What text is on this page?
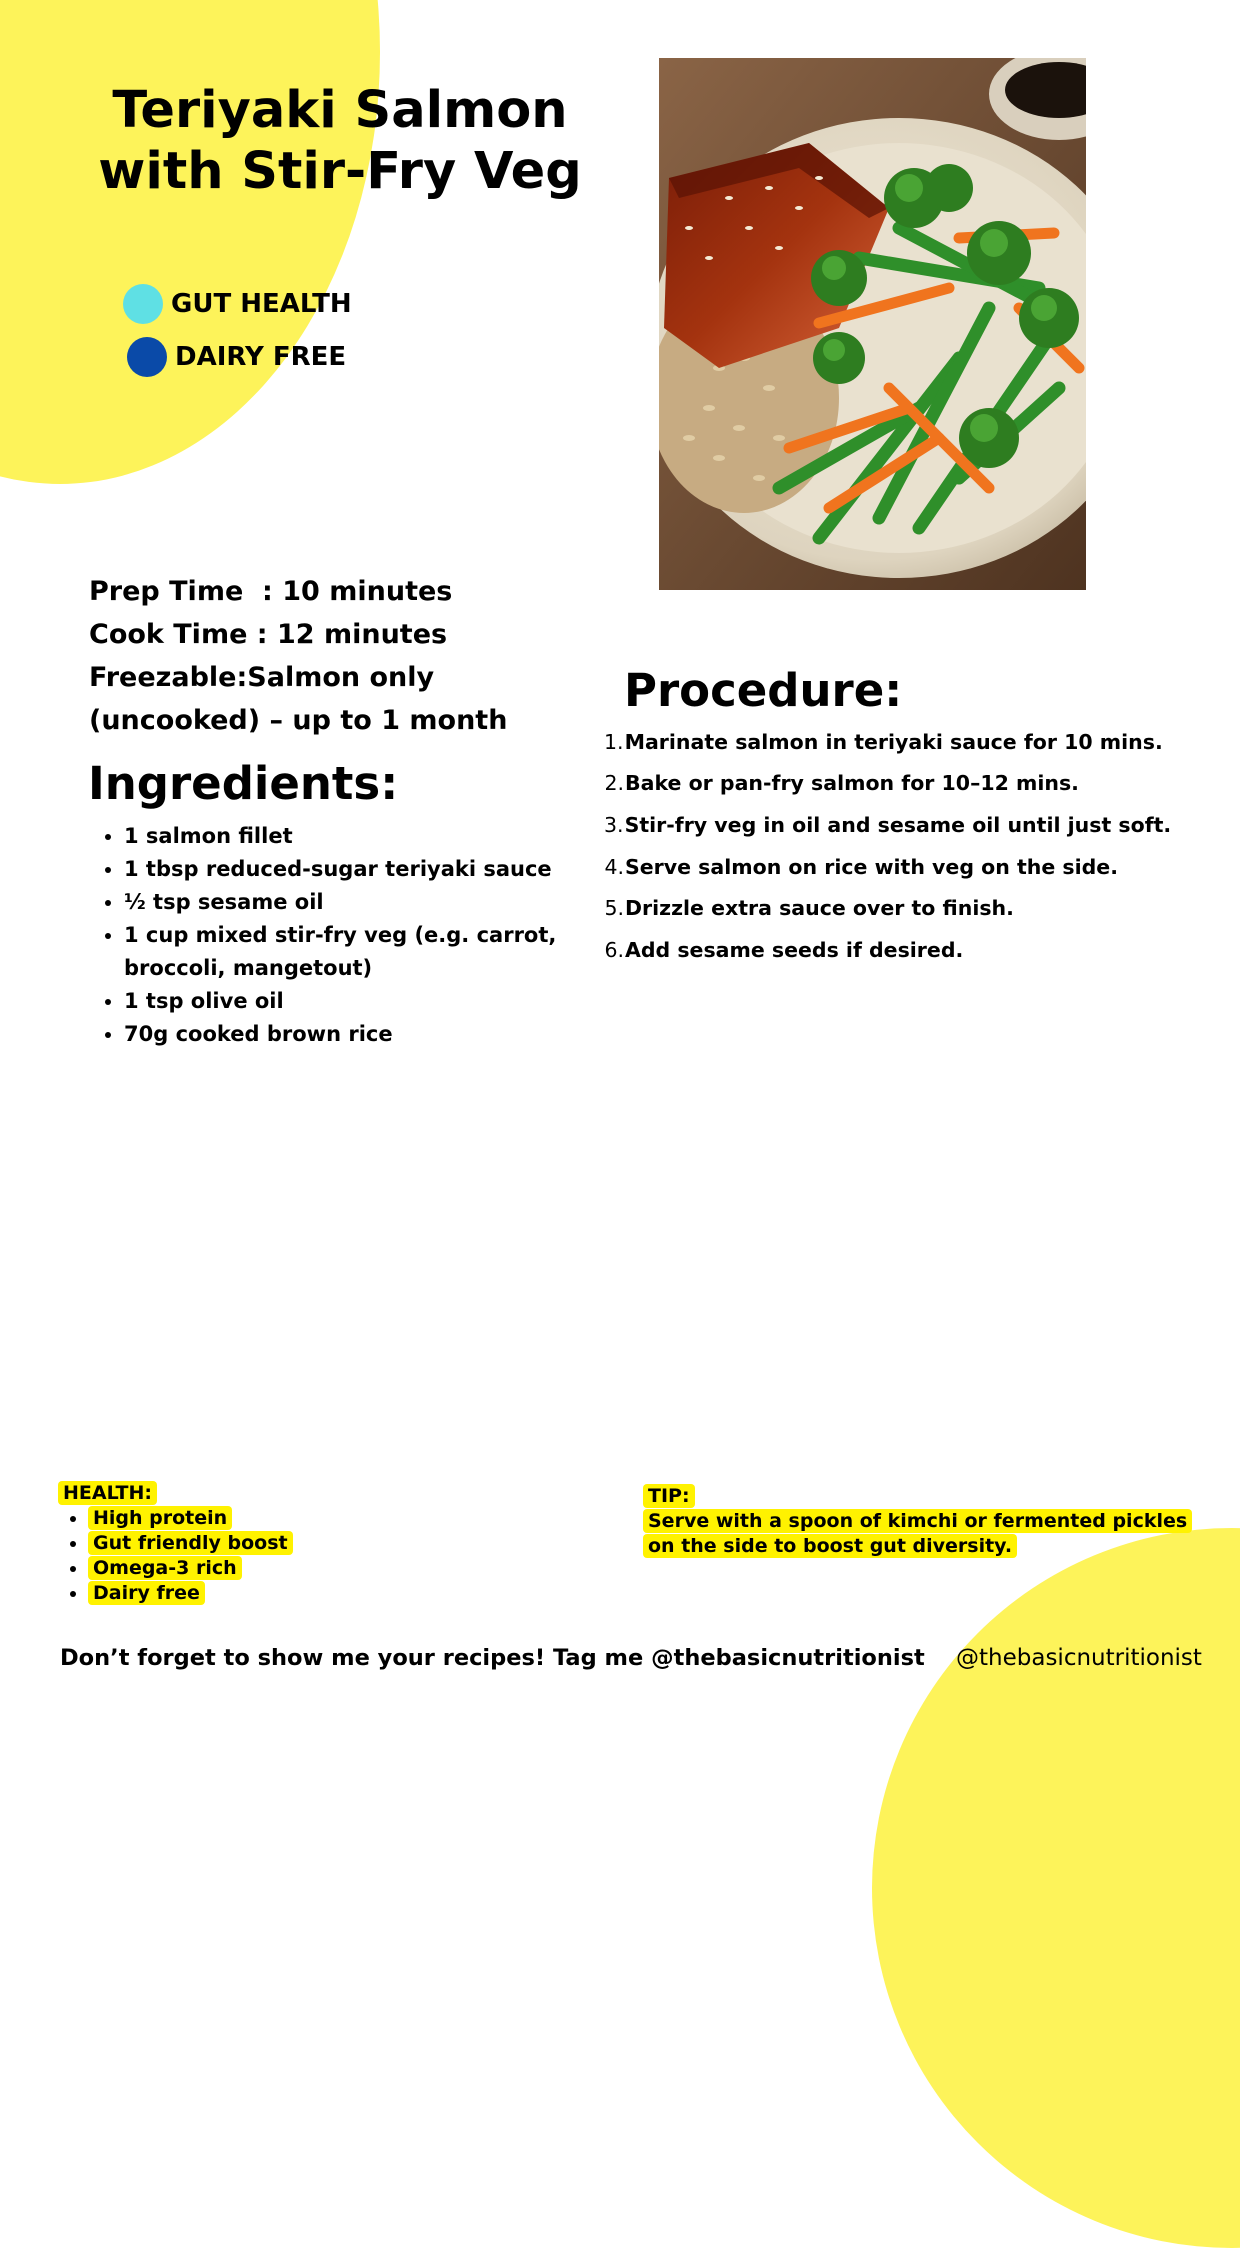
Teriyaki Salmon
with Stir-Fry Veg
GUT HEALTH
DAIRY FREE
Prep Time  : 10 minutes
Cook Time : 12 minutes
Freezable:Salmon only (uncooked) – up to 1 month
Ingredients:
• 1 salmon fillet
• 1 tbsp reduced-sugar teriyaki sauce
• ½ tsp sesame oil
• 1 cup mixed stir-fry veg (e.g. carrot, broccoli, mangetout)
• 1 tsp olive oil
• 70g cooked brown rice
Procedure:
1. Marinate salmon in teriyaki sauce for 10 mins.
2. Bake or pan-fry salmon for 10–12 mins.
3. Stir-fry veg in oil and sesame oil until just soft.
4. Serve salmon on rice with veg on the side.
5. Drizzle extra sauce over to finish.
6. Add sesame seeds if desired.
HEALTH:
• High protein
• Gut friendly boost
• Omega-3 rich
• Dairy free
TIP:
Serve with a spoon of kimchi or fermented pickles on the side to boost gut diversity.
Don’t forget to show me your recipes! Tag me @thebasicnutritionist @thebasicnutritionist
